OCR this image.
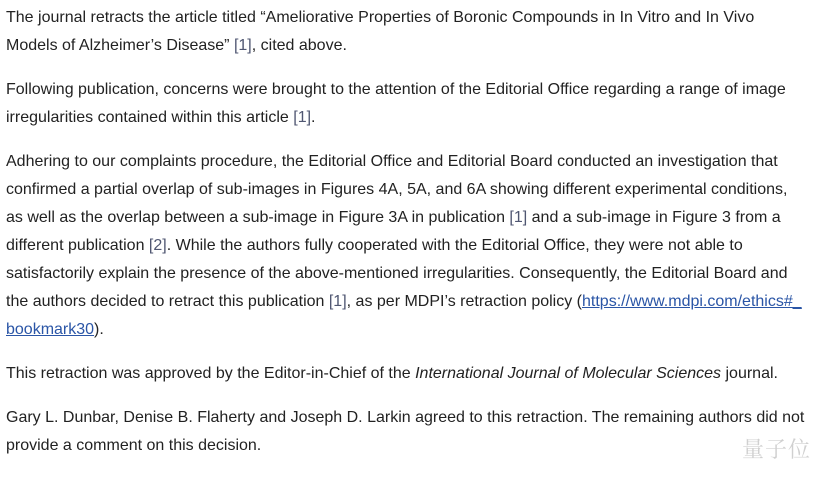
The journal retracts the article titled “Ameliorative Properties of Boronic Compounds in In Vitro and In Vivo Models of Alzheimer’s Disease” [1], cited above.

Following publication, concerns were brought to the attention of the Editorial Office regarding a range of image irregularities contained within this article [1].

Adhering to our complaints procedure, the Editorial Office and Editorial Board conducted an investigation that confirmed a partial overlap of sub-images in Figures 4A, 5A, and 6A showing different experimental conditions, as well as the overlap between a sub-image in Figure 3A in publication [1] and a sub-image in Figure 3 from a different publication [2]. While the authors fully cooperated with the Editorial Office, they were not able to satisfactorily explain the presence of the above-mentioned irregularities. Consequently, the Editorial Board and the authors decided to retract this publication [1], as per MDPI’s retraction policy (https://www.mdpi.com/ethics#_bookmark30).

This retraction was approved by the Editor-in-Chief of the International Journal of Molecular Sciences journal.

Gary L. Dunbar, Denise B. Flaherty and Joseph D. Larkin agreed to this retraction. The remaining authors did not provide a comment on this decision.	量子位
